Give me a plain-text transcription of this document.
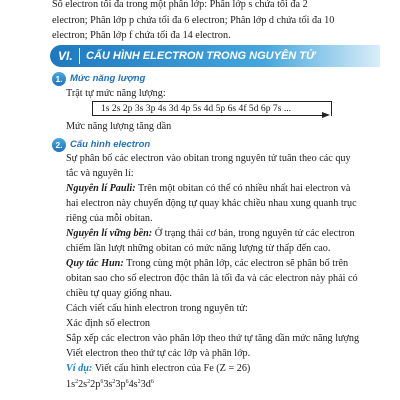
Số electron tối đa trong một phân lớp: Phân lớp s chứa tối đa 2
electron; Phân lớp p chứa tối đa 6 electron; Phân lớp d chứa tối đa 10
electron; Phân lớp f chứa tối đa 14 electron.
VI. CẤU HÌNH ELECTRON TRONG NGUYÊN TỬ
1. Mức năng lượng
Trật tự mức năng lượng:
1s 2s 2p 3s 3p 4s 3d 4p 5s 4d 5p 6s 4f 5d 6p 7s ...
Mức năng lượng tăng dần
2. Cấu hình electron
Sự phân bố các electron vào obitan trong nguyên tử tuân theo các quy
tắc và nguyên lí:
Nguyên lí Pauli: Trên một obitan có thể có nhiều nhất hai electron và
hai electron này chuyển động tự quay khác chiều nhau xung quanh trục
riêng của mỗi obitan.
Nguyên lí vững bền: Ở trạng thái cơ bản, trong nguyên tử các electron
chiếm lần lượt những obitan có mức năng lượng từ thấp đến cao.
Quy tắc Hun: Trong cùng một phân lớp, các electron sẽ phân bố trên
obitan sao cho số electron độc thân là tối đa và các electron này phải có
chiều tự quay giống nhau.
Cách viết cấu hình electron trong nguyên tử:
Xác định số electron
Sắp xếp các electron vào phân lớp theo thứ tự tăng dần mức năng lượng
Viết electron theo thứ tự các lớp và phân lớp.
Ví dụ: Viết cấu hình electron của Fe (Z = 26)
$1s^22s^22p^63s^23p^64s^23d^6$
